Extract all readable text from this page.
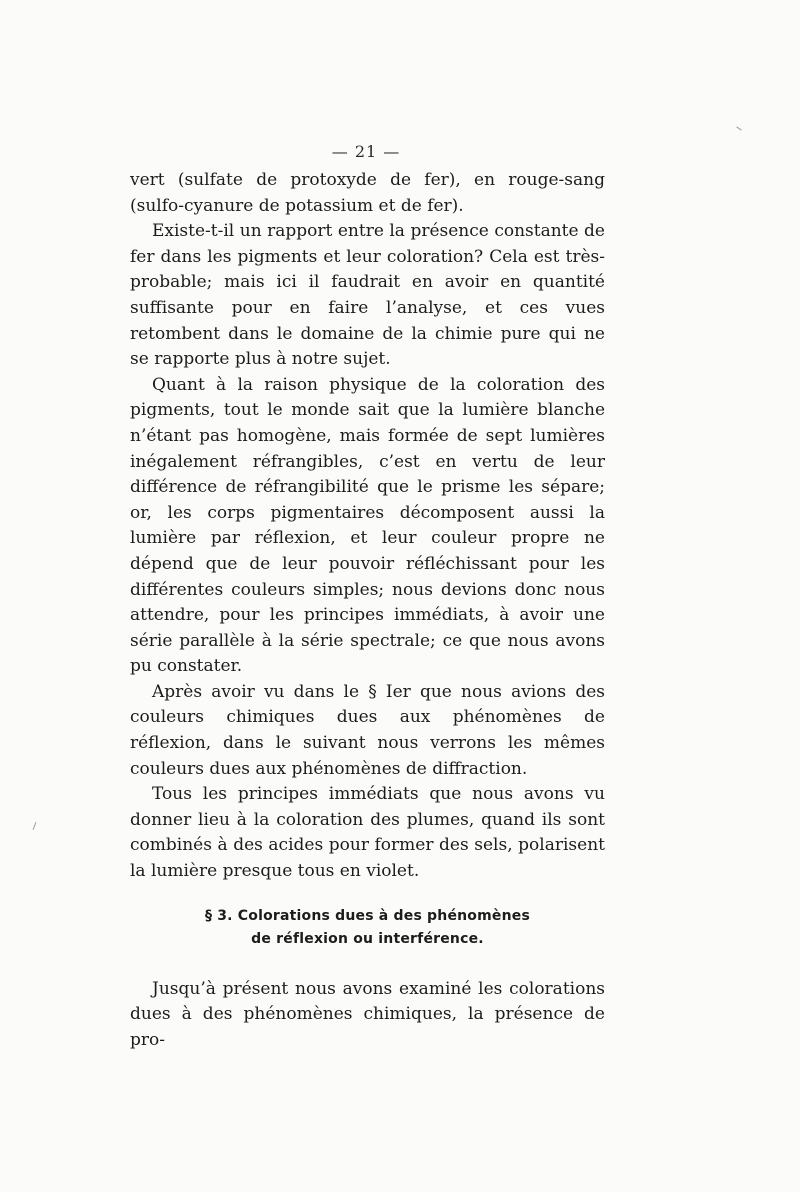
— 21 —

vert (sulfate de protoxyde de fer), en rouge-sang (sulfo-cyanure de potassium et de fer).

Existe-t-il un rapport entre la présence constante de fer dans les pigments et leur coloration? Cela est très-probable; mais ici il faudrait en avoir en quantité suffisante pour en faire l’analyse, et ces vues retombent dans le domaine de la chimie pure qui ne se rapporte plus à notre sujet.

Quant à la raison physique de la coloration des pigments, tout le monde sait que la lumière blanche n’étant pas homogène, mais formée de sept lumières inégalement réfrangibles, c’est en vertu de leur différence de réfrangibilité que le prisme les sépare; or, les corps pigmentaires décomposent aussi la lumière par réflexion, et leur couleur propre ne dépend que de leur pouvoir réfléchissant pour les différentes couleurs simples; nous devions donc nous attendre, pour les principes immédiats, à avoir une série parallèle à la série spectrale; ce que nous avons pu constater.

Après avoir vu dans le § Ier que nous avions des couleurs chimiques dues aux phénomènes de réflexion, dans le suivant nous verrons les mêmes couleurs dues aux phénomènes de diffraction.

Tous les principes immédiats que nous avons vu donner lieu à la coloration des plumes, quand ils sont combinés à des acides pour former des sels, polarisent la lumière presque tous en violet.

§ 3. Colorations dues à des phénomènes
de réflexion ou interférence.

Jusqu’à présent nous avons examiné les colorations dues à des phénomènes chimiques, la présence de pro-
